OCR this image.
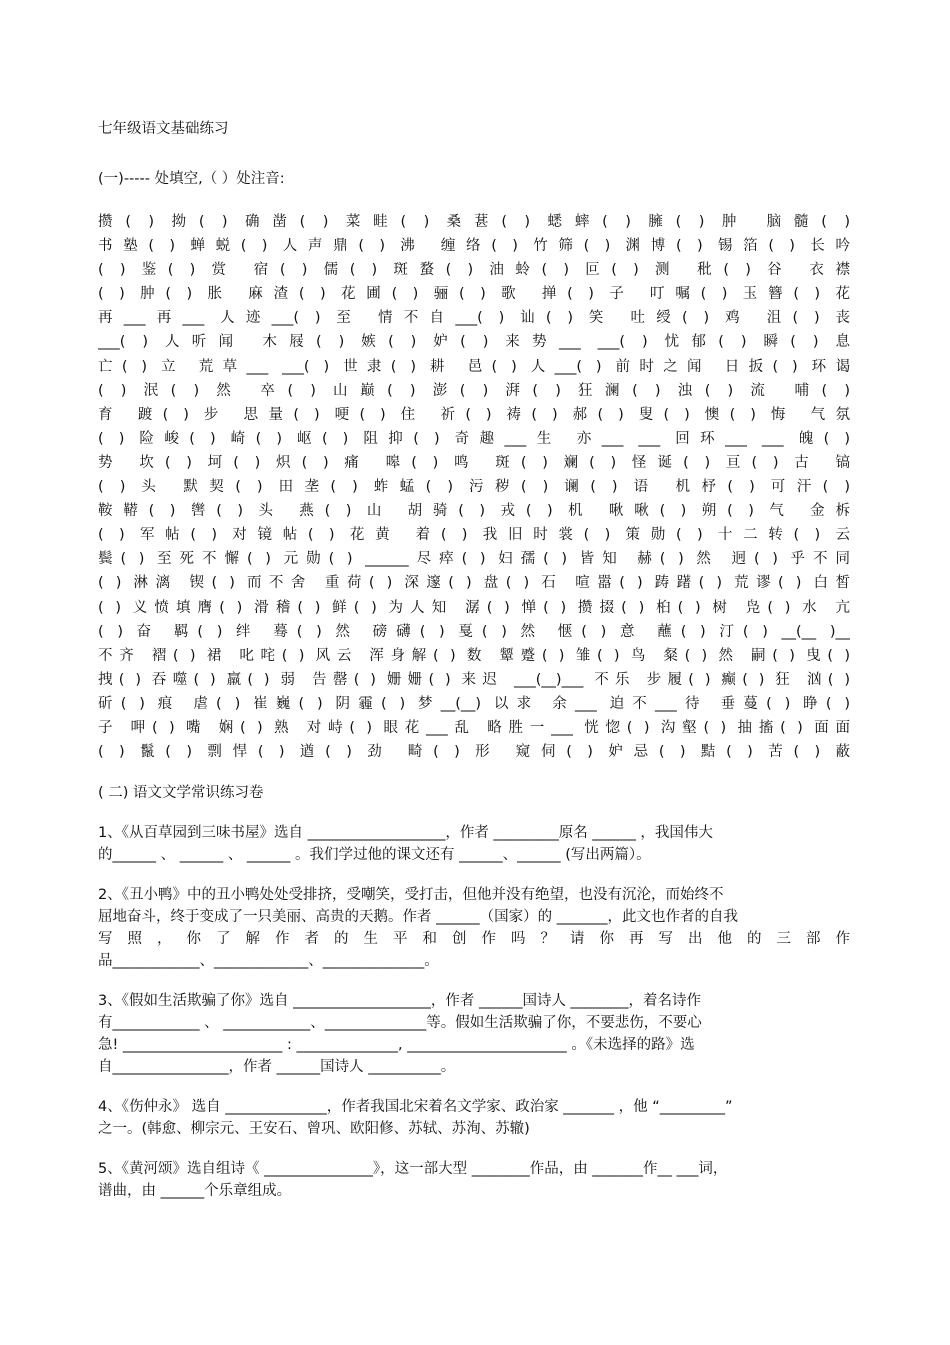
七年级语文基础练习
(一)----- 处填空,（ ）处注音:
攒( ) 拗( ) 确凿( ) 菜畦( ) 桑葚( ) 蟋蟀( ) 臃( ) 肿 脑髓( )
书塾( ) 蝉蜕( ) 人声鼎( ) 沸 缠络( ) 竹筛( ) 渊博( ) 锡箔( ) 长吟
( ) 鉴( ) 赏 宿( ) 儒( ) 斑蝥( ) 油蛉( ) 叵( ) 测 秕( ) 谷 衣襟
( ) 肿( ) 胀 麻渣( ) 花圃( ) 骊( ) 歌 掸( ) 子 叮嘱( ) 玉簪( ) 花
再___再___ 人迹___( ) 至 情不自___( ) 讪( ) 笑 吐绶( ) 鸡 沮( ) 丧
___( ) 人听闻 木屐( ) 嫉( ) 妒( ) 来势___ ___( ) 忧郁( ) 瞬( ) 息
亡( ) 立 荒草___ ___( ) 世隶( ) 耕 邑( ) 人___( ) 前时之闻 日扳( ) 环谒
( ) 泯( ) 然 卒( ) 山巅( ) 澎( ) 湃( ) 狂澜( ) 浊( ) 流 哺( )
育 踱( ) 步 思量( ) 哽( ) 住 祈( ) 祷( ) 郝( ) 叟( ) 懊( ) 悔 气氛
( ) 险峻( ) 崎( ) 岖( ) 阻抑( ) 奇趣___生 亦___ ___ 回环___ ___ 魄( )
势 坎( ) 坷( ) 炽( ) 痛 嗥( ) 鸣 斑( ) 斓( ) 怪诞( ) 亘( ) 古 镐
( ) 头 默契( ) 田垄( ) 蚱蜢( ) 污秽( ) 谰( ) 语 机杼( ) 可汗( )
鞍鞯( ) 辔( ) 头 燕( ) 山 胡骑( ) 戎( ) 机 啾啾( ) 朔( ) 气 金柝
( ) 军帖( ) 对镜帖( ) 花黄 着( ) 我旧时裳( ) 策勋( ) 十二转( ) 云
鬓( ) 至死不懈( ) 元勋( ) ______尽瘁( ) 妇孺( ) 皆知 赫( ) 然 迥( ) 乎不同
( ) 淋漓 锲( ) 而不舍 重荷( ) 深邃( ) 盘( ) 石 喧嚣( ) 踌躇( ) 荒谬( ) 白皙
( ) 义愤填膺( ) 滑稽( ) 鲜( ) 为人知 潺( ) 惮( ) 攒掇( ) 桕( ) 树 凫( ) 水 亢
( ) 奋 羁( ) 绊 蓦( ) 然 磅礴( ) 戛( ) 然 惬( ) 意 蘸( ) 汀( ) __(__ )__
不齐 褶( ) 裙 叱咤( ) 风云 浑身解( ) 数 颦蹙( ) 雏( ) 鸟 粲( ) 然 嗣( ) 曳( )
拽( ) 吞噬( ) 羸( ) 弱 告罄( ) 姗姗( ) 来迟 ___(__)___ 不乐 步履( ) 癫( ) 狂 汹( )
斫( ) 痕 虐( ) 崔巍( ) 阴霾( ) 梦__(__) 以求 余___ 迫不___待 垂蔓( ) 睁( )
子 呷( ) 嘴 娴( ) 熟 对峙( ) 眼花___乱 略胜一___ 恍惚( ) 沟壑( ) 抽搐( ) 面面
( ) 鬣( ) 剽悍( ) 遒( ) 劲 畸( ) 形 窥伺( ) 妒忌( ) 黠( ) 苦( ) 蔽
( 二) 语文文学常识练习卷
1、《从百草园到三味书屋》选自 ___________________，作者 _________原名 ______ ，我国伟大
的______ 、 ______ 、 ______ 。我们学过他的课文还有 ______、______ (写出两篇）。
2、《丑小鸭》中的丑小鸭处处受排挤，受嘲笑，受打击，但他并没有绝望，也没有沉沦，而始终不
屈地奋斗，终于变成了一只美丽、高贵的天鹅。作者 ______（国家）的 _______，此文也作者的自我
写 照 ， 你 了 解 作 者 的 生 平 和 创 作 吗 ？ 请 你 再 写 出 他 的 三 部 作
品____________、_____________、______________。
3、《假如生活欺骗了你》选自 ___________________，作者 ______国诗人 ________，着名诗作
有____________ 、 ____________、______________等。假如生活欺骗了你，不要悲伤，不要心
急! ______________________ : ______________, ______________________ 。《未选择的路》选
自________________，作者 ______国诗人 __________。
4、《伤仲永》 选自 ______________，作者我国北宋着名文学家、政治家 _______ ，他 “_________”
之一。(韩愈、柳宗元、王安石、曾巩、欧阳修、苏轼、苏洵、苏辙)
5、《黄河颂》选自组诗《 _______________》，这一部大型 ________作品，由 _______作__ ___词，
谱曲，由 ______个乐章组成。
